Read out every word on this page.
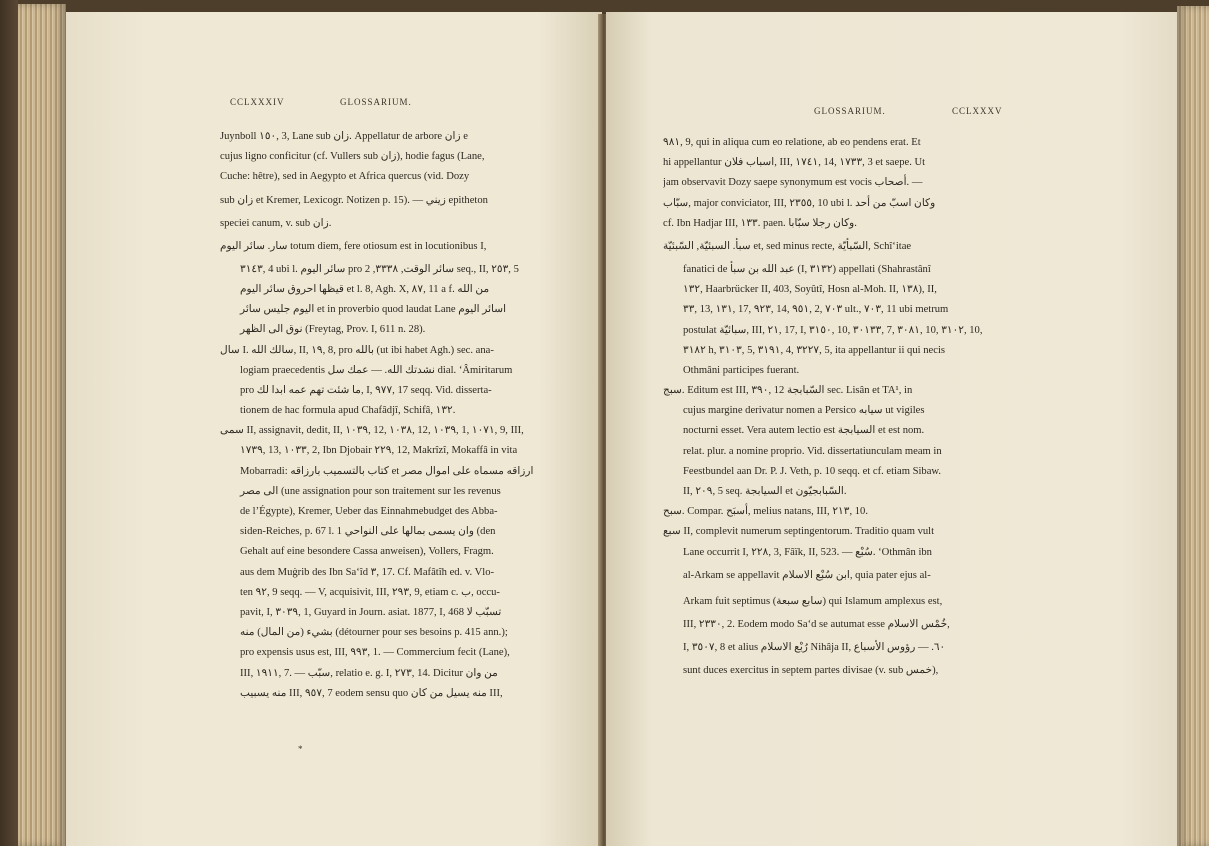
CCLXXXIV	GLOSSARIUM.
Juynboll ١٥٠, 3, Lane sub زان. Appellatur de arbore زان e
cujus ligno conficitur (cf. Vullers sub زان), hodie fagus (Lane,
Cuche: hêtre), sed in Aegypto et Africa quercus (vid. Dozy
sub زان et Kremer, Lexicogr. Notizen p. 15). — زيني epitheton
speciei canum, v. sub زان.
سار. سائر اليوم totum diem, fere otiosum est in locutionibus I,
٣١٤٣, 4 ubi l. سائر اليوم pro سائر الوقت, ٣٣٣٨, 2 seq., II, ٢٥٣, 5
قيظها احروق سائر اليوم et l. 8, Agh. X, ٨٧, 11 a f. من الله
اليوم جليس سائر et in proverbio quod laudat Lane اسائر اليوم
نوق الى الظهر (Freytag, Prov. I, 611 n. 28).
سال I. سالك الله, II, ١٩, 8, pro بالله (ut ibi habet Agh.) sec. ana-
logiam praecedentis نشدتك الله. — عمك سل dial. ‘Âmiritarum
pro ما شئت تهم عمه ابدا لك, I, ٩٧٧, 17 seqq. Vid. disserta-
tionem de hac formula apud Chafâdjî, Schifâ, ١٣٢.
سمى II, assignavit, dedit, II, ١٠٣٩, 12, ١٠٣٨, 12, ١٠٣٩, 1, ١٠٧١, 9, III,
١٧٣٩, 13, ١٠٣٣, 2, Ibn Djobair ٢٢٩, 12, Makrîzî, Mokaffâ in vita
Mobarradi: كتاب بالتسميب بارزاقه et ارزاقه مسماه على اموال مصر
الى مصر (une assignation pour son traitement sur les revenus
de l’Égypte), Kremer, Ueber das Einnahmebudget des Abba-
siden-Reiches, p. 67 l. 1 وان يسمى بمالها على النواحي (den
Gehalt auf eine besondere Cassa anweisen), Vollers, Fragm.
aus dem Muġrib des Ibn Sa‘îd ٣, 17. Cf. Mafâtîh ed. v. Vlo-
ten ٩٢, 9 seqq. — V, acquisivit, III, ٢٩٣, 9, etiam c. ب, occu-
pavit, I, ٣٠٣٩, 1, Guyard in Journ. asiat. 1877, I, 468 تسبّب لا
بشيء (من المال) منه (détourner pour ses besoins p. 415 ann.);
pro expensis usus est, III, ٩٩٣, 1. — Commercium fecit (Lane),
III, ١٩١١, 7. — سبّب, relatio e. g. I, ٢٧٣, 14. Dicitur من وان
منه يسبيب III, ٩٥٧, 7 eodem sensu quo منه يسيل من كان III,
*
GLOSSARIUM.	CCLXXXV
٩٨١, 9, qui in aliqua cum eo relatione, ab eo pendens erat. Et
hi appellantur اسباب فلان, III, ١٧٤١, 14, ١٧٣٣, 3 et saepe. Ut
jam observavit Dozy saepe synonymum est vocis أصحاب. —
سبّاب, major conviciator, III, ٢٣٥٥, 10 ubi l. وكان اسبّ من أحد
cf. Ibn Hadjar III, ١٣٣. paen. وكان رجلا سبّابا.
سبأ. السبئيّة, السّبئيّة et, sed minus recte, السّبأيّة, Schî‘itae
fanatici de عبد الله بن سبأ (I, ٣١٣٢) appellati (Shahrastânî
١٣٢, Haarbrücker II, 403, Soyûtî, Hosn al-Moh. II, ١٣٨), II,
٣٣, 13, ١٣١, 17, ٩٢٣, 14, ٩٥١, 2, ٧٠٣ ult., ٧٠٣, 11 ubi metrum
postulat سبائيّة, III, ٢١, 17, I, ٣١٥٠, 10, ٣٠١٣٣, 7, ٣٠٨١, 10, ٣١٠٢, 10,
٣١٨٢ h, ٣١٠٣, 5, ٣١٩١, 4, ٣٢٢٧, 5, ita appellantur ii qui necis
Othmâni participes fuerant.
سبج. Editum est III, ٣٩٠, 12 السّبابجة sec. Lisân et TA¹, in
cujus margine derivatur nomen a Persico سيابه ut vigiles
nocturni esset. Vera autem lectio est السيابجة et est nom.
relat. plur. a nomine proprio. Vid. dissertatiunculam meam in
Feestbundel aan Dr. P. J. Veth, p. 10 seqq. et cf. etiam Sibaw.
II, ٢٠٩, 5 seq. السيابجة et السّبابجيّون.
سبح. Compar. أسبَح, melius natans, III, ٢١٣, 10.
سبع II, complevit numerum septingentorum. Traditio quam vult
Lane occurrit I, ٢٢٨, 3, Fâïk, II, 523. — سُبْع. ‘Othmân ibn
al-Arkam se appellavit ابن سُبْع الاسلام, quia pater ejus al-
Arkam fuit septimus (سابع سبعة) qui Islamum amplexus est,
III, ٢٣٣٠, 2. Eodem modo Sa‘d se autumat esse خُمْس الاسلام,
I, ٣٥٠٧, 8 et alius رُبْع الاسلام Nihâja II, ٦٠. — رؤوس الأسباع
sunt duces exercitus in septem partes divisae (v. sub خمس),
